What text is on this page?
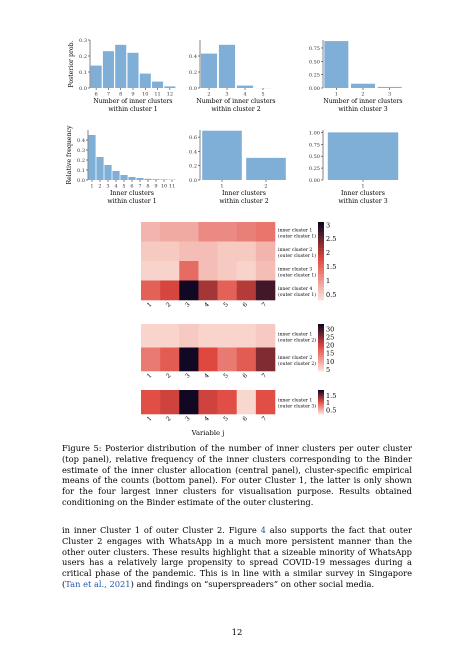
0.0
0.1
0.2
0.3
6 7 8 9 10 11 12
Number of inner clusters
within cluster 1
Posterior prob.
0.0
0.2
0.4
2	3	4	5
Number of inner clusters
within cluster 2
0.00
0.25
0.50
0.75
1	2	3
Number of inner clusters
within cluster 3
0.0
0.1
0.2
0.3
0.4
1 2 3 4 5 6 7 8 9 10 11
Inner clusters
within cluster 1
Relative frequency	0.0
0.2
0.4
0.6
1	2
Inner clusters
within cluster 2
0.00
0.25
0.50
0.75
1.00
1
Inner clusters
within cluster 3
inner cluster 1
(outer cluster 1)
inner cluster 2
(outer cluster 1)
inner cluster 3
(outer cluster 1)
inner cluster 4
(outer cluster 1)
1 2 3 4 5 6 7
3
2.5
2
1.5
1
0.5
inner cluster 1
(outer cluster 2)
inner cluster 2
(outer cluster 2)
1 2 3 4 5 6 7
30
25
20
15
10
5
inner cluster 1
(outer cluster 3)
1 2 3 4 5 6 7
1.5
1
0.5
Variable j
Figure 5: Posterior distribution of the number of inner clusters per outer cluster (top panel), relative frequency of the inner clusters corresponding to the Binder estimate of the inner cluster allocation (central panel), cluster-specific empirical means of the counts (bottom panel). For outer Cluster 1, the latter is only shown for the four largest inner clusters for visualisation purpose. Results obtained conditioning on the Binder estimate of the outer clustering.
in inner Cluster 1 of outer Cluster 2. Figure 4 also supports the fact that outer Cluster 2 engages with WhatsApp in a much more persistent manner than the other outer clusters. These results highlight that a sizeable minority of WhatsApp users has a relatively large propensity to spread COVID-19 messages during a critical phase of the pandemic. This is in line with a similar survey in Singapore (Tan et al., 2021) and findings on “superspreaders” on other social media.
12
